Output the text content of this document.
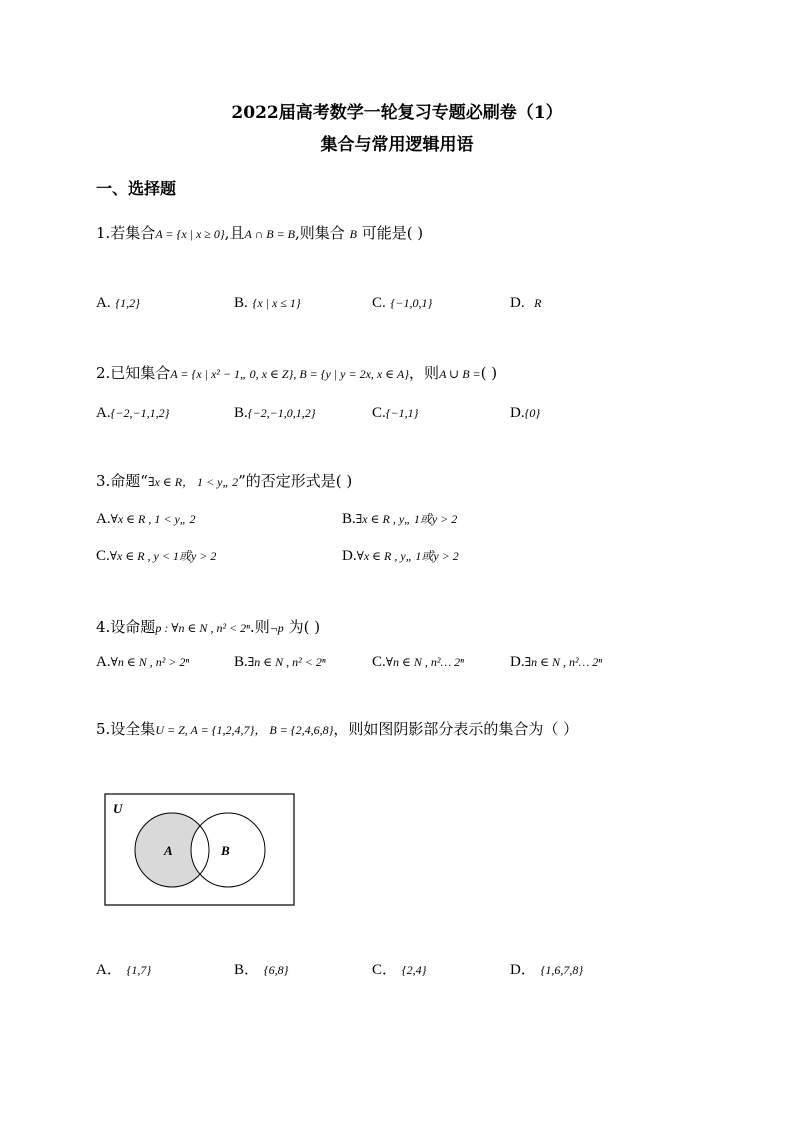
2022届高考数学一轮复习专题必刷卷（1）
集合与常用逻辑用语
一、选择题
1.若集合A = {x | x ≥ 0},且A ∩ B = B,则集合 B 可能是( )
A. {1,2}	B. {x | x ≤ 1}	C. {−1,0,1}	D. R
2.已知集合A = {x | x² − 1„ 0, x ∈ Z}, B = {y | y = 2x, x ∈ A}，则A ∪ B =( )
A.{−2,−1,1,2}	B.{−2,−1,0,1,2}	C.{−1,1}	D.{0}
3.命题“∃x ∈ R， 1 < y„ 2”的否定形式是( )
A.∀x ∈ R , 1 < y„ 2	B.∃x ∈ R , y„ 1或y > 2
C.∀x ∈ R , y < 1或y > 2	D.∀x ∈ R , y„ 1或y > 2
4.设命题p : ∀n ∈ N , n² < 2ⁿ.则¬p 为( )
A.∀n ∈ N , n² > 2ⁿ	B.∃n ∈ N , n² < 2ⁿ	C.∀n ∈ N , n²… 2ⁿ	D.∃n ∈ N , n²… 2ⁿ
5.设全集U = Z, A = {1,2,4,7}， B = {2,4,6,8}，则如图阴影部分表示的集合为（ ）
U
A	B
A． {1,7}	B． {6,8}	C． {2,4}	D． {1,6,7,8}
